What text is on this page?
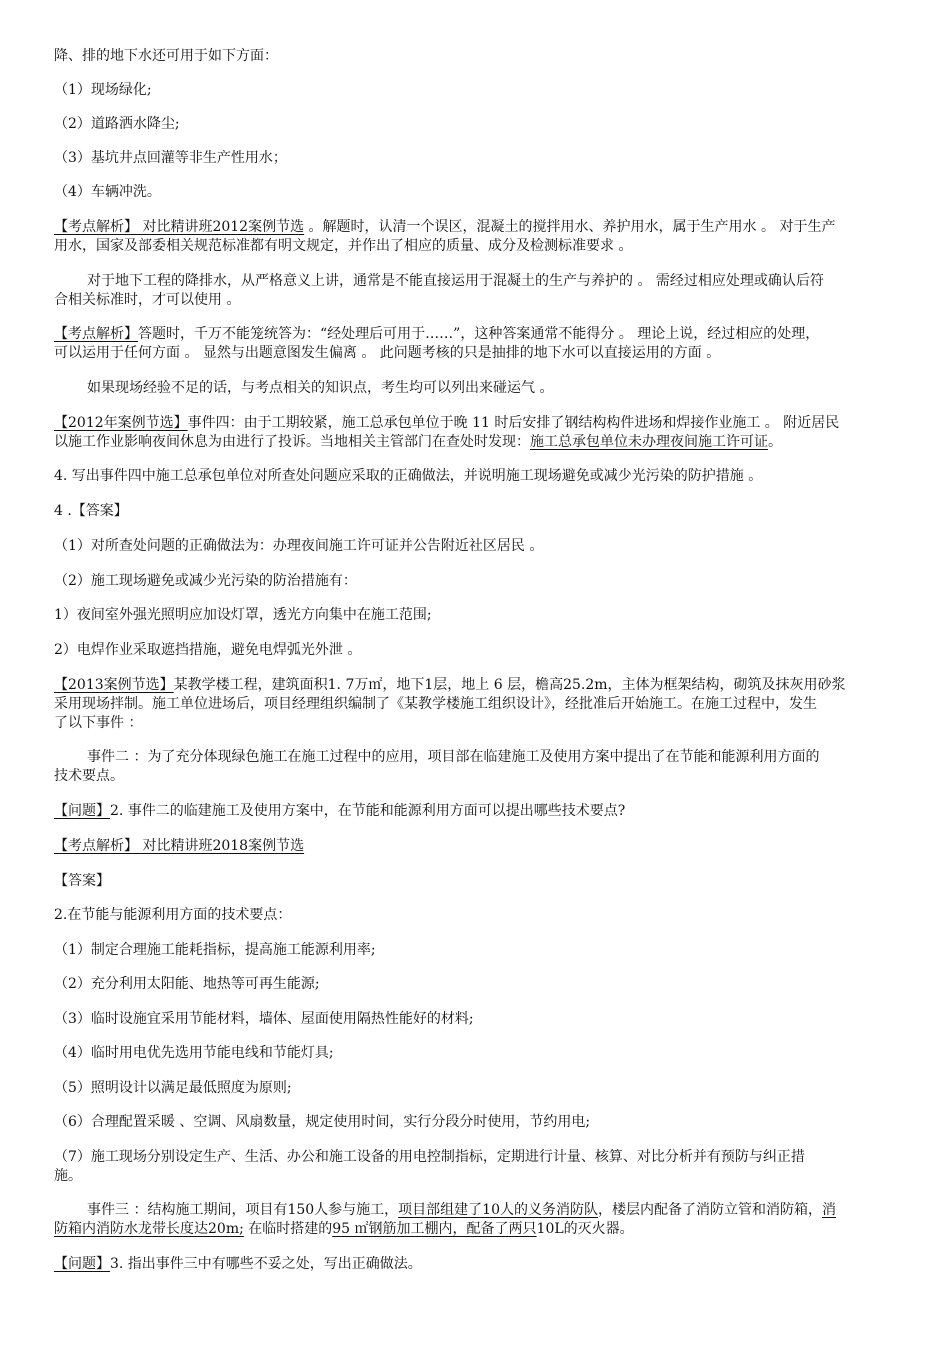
降、排的地下水还可用于如下方面：
（1）现场绿化;
（2）道路洒水降尘;
（3）基坑井点回灌等非生产性用水；
（4）车辆冲洗。
【考点解析】 对比精讲班2012案例节选 。解题时，认清一个误区，混凝土的搅拌用水、养护用水，属于生产用水 。 对于生产
用水，国家及部委相关规范标准都有明文规定，并作出了相应的质量、成分及检测标准要求 。
对于地下工程的降排水，从严格意义上讲，通常是不能直接运用于混凝土的生产与养护的 。 需经过相应处理或确认后符
合相关标准时，才可以使用 。
【考点解析】答题时，千万不能笼统答为：“经处理后可用于……”，这种答案通常不能得分 。 理论上说，经过相应的处理，
可以运用于任何方面 。 显然与出题意图发生偏离 。 此问题考核的只是抽排的地下水可以直接运用的方面 。
如果现场经验不足的话，与考点相关的知识点，考生均可以列出来碰运气 。
【2012年案例节选】事件四：由于工期较紧，施工总承包单位于晚 11 时后安排了钢结构构件进场和焊接作业施工 。 附近居民
以施工作业影响夜间休息为由进行了投诉。当地相关主管部门在查处时发现：施工总承包单位未办理夜间施工许可证。
4. 写出事件四中施工总承包单位对所查处问题应采取的正确做法，并说明施工现场避免或减少光污染的防护措施 。
4 .【答案】
（1）对所查处问题的正确做法为：办理夜间施工许可证并公告附近社区居民 。
（2）施工现场避免或减少光污染的防治措施有：
1）夜间室外强光照明应加设灯罩，透光方向集中在施工范围;
2）电焊作业采取遮挡措施，避免电焊弧光外泄 。
【2013案例节选】某教学楼工程，建筑面积1. 7万㎡，地下1层，地上 6 层，檐高25.2m，主体为框架结构，砌筑及抹灰用砂浆
采用现场拌制。施工单位进场后，项目经理组织编制了《某教学楼施工组织设计》，经批准后开始施工。在施工过程中，发生
了以下事件 ：
事件二 ：为了充分体现绿色施工在施工过程中的应用，项目部在临建施工及使用方案中提出了在节能和能源利用方面的
技术要点。
【问题】2. 事件二的临建施工及使用方案中，在节能和能源利用方面可以提出哪些技术要点?
【考点解析】 对比精讲班2018案例节选
【答案】
2.在节能与能源利用方面的技术要点：
（1）制定合理施工能耗指标，提高施工能源利用率;
（2）充分利用太阳能、地热等可再生能源;
（3）临时设施宜采用节能材料，墙体、屋面使用隔热性能好的材料;
（4）临时用电优先选用节能电线和节能灯具;
（5）照明设计以满足最低照度为原则;
（6）合理配置采暖 、空调、风扇数量，规定使用时间，实行分段分时使用，节约用电;
（7）施工现场分别设定生产、生活、办公和施工设备的用电控制指标，定期进行计量、核算、对比分析并有预防与纠正措
施。
事件三 ：结构施工期间，项目有150人参与施工，项目部组建了10人的义务消防队，楼层内配备了消防立管和消防箱，消
防箱内消防水龙带长度达20m; 在临时搭建的95 ㎡钢筋加工棚内，配备了两只10L的灭火器。
【问题】3. 指出事件三中有哪些不妥之处，写出正确做法。
